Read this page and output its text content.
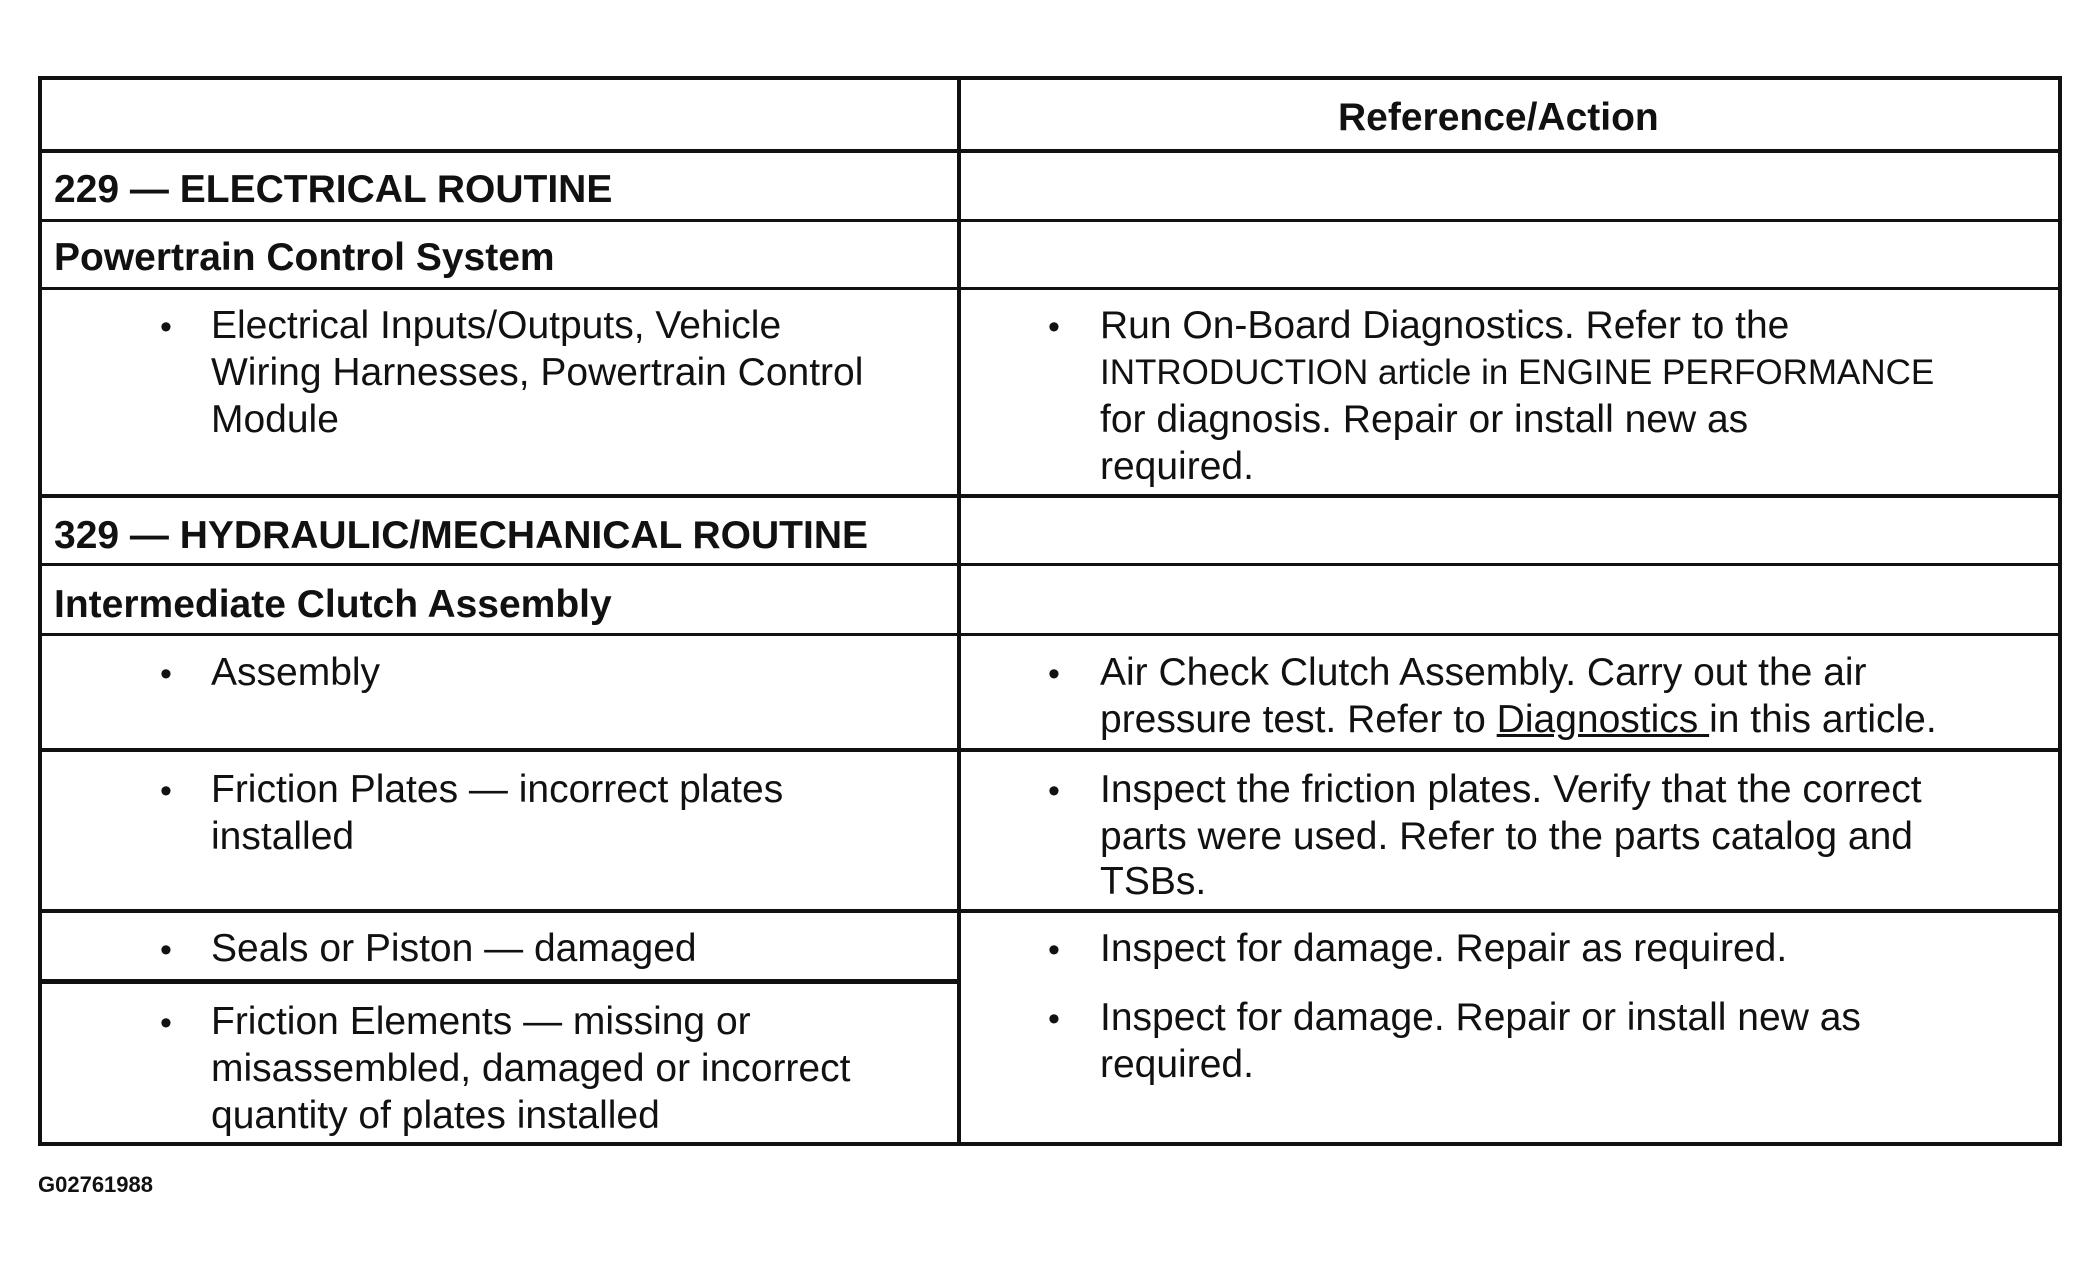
Reference/Action
229 — ELECTRICAL ROUTINE
Powertrain Control System
• Electrical Inputs/Outputs, Vehicle
Wiring Harnesses, Powertrain Control
Module
• Run On-Board Diagnostics. Refer to the
INTRODUCTION article in ENGINE PERFORMANCE
for diagnosis. Repair or install new as
required.
329 — HYDRAULIC/MECHANICAL ROUTINE
Intermediate Clutch Assembly
• Assembly	• Air Check Clutch Assembly. Carry out the air
pressure test. Refer to Diagnostics in this article.
• Friction Plates — incorrect plates
installed
• Inspect the friction plates. Verify that the correct
parts were used. Refer to the parts catalog and
TSBs.
• Seals or Piston — damaged	• Inspect for damage. Repair as required.
• Friction Elements — missing or
misassembled, damaged or incorrect
quantity of plates installed
• Inspect for damage. Repair or install new as
required.
G02761988
